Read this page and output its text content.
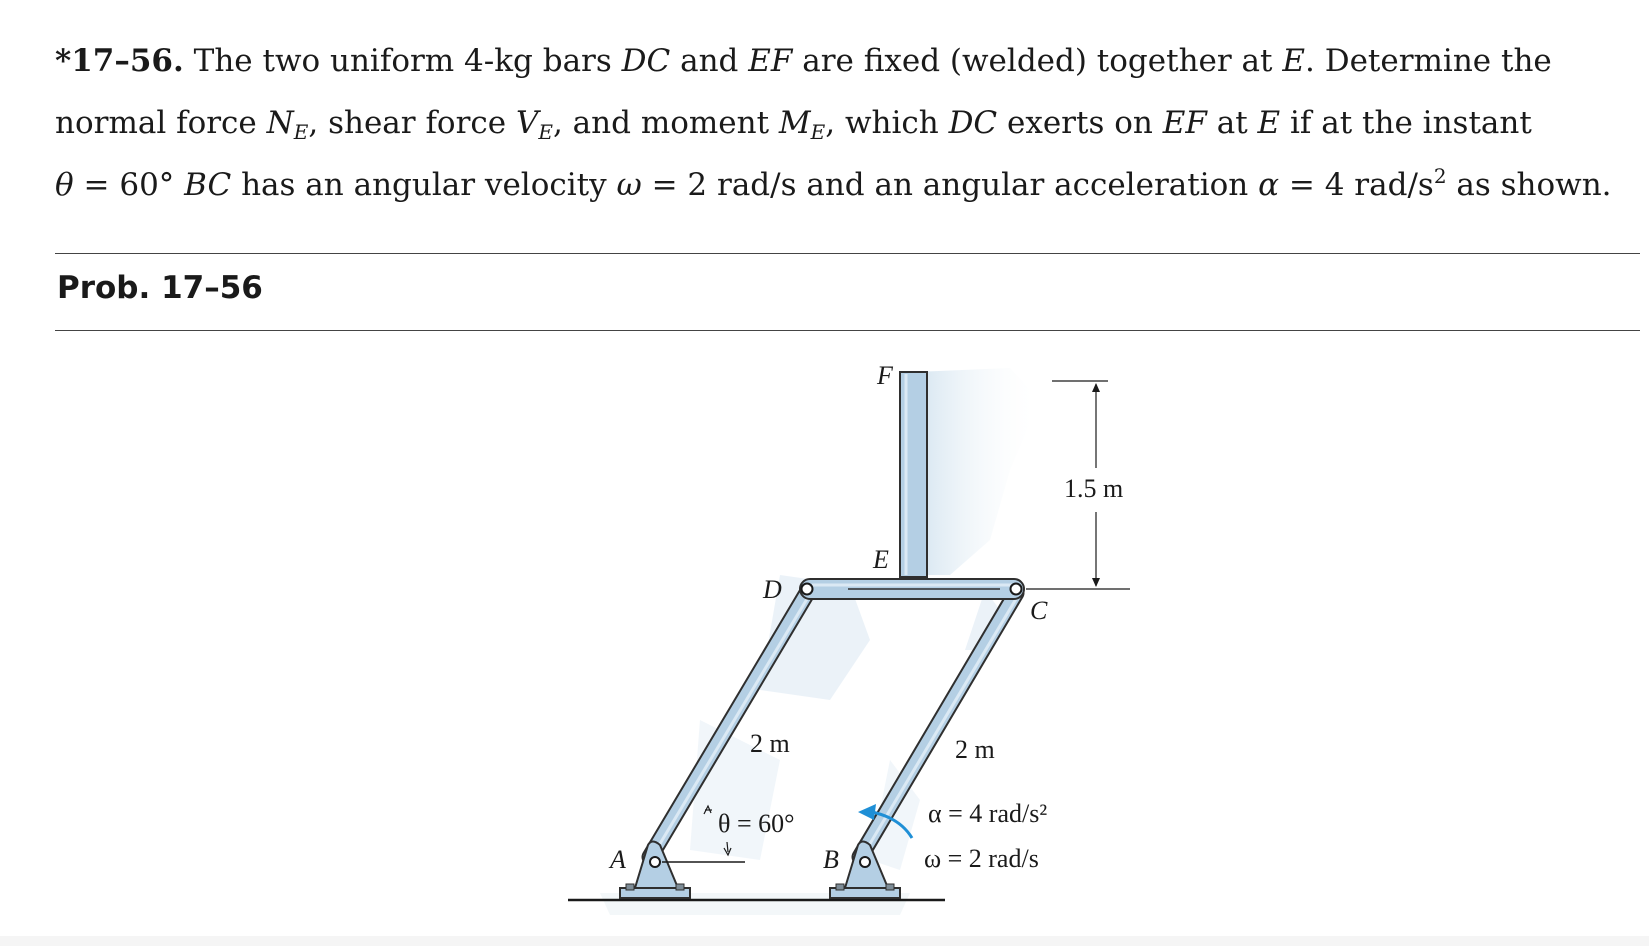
*17–56. The two uniform 4-kg bars DC and EF are fixed (welded) together at E. Determine the
normal force $N_E$, shear force $V_E$, and moment $M_E$, which DC exerts on EF at E if at the instant
θ = 60° BC has an angular velocity ω = 2 rad/s and an angular acceleration α = 4 rad/$s^2$ as shown.
Prob. 17–56
F
E
D
C
A	B
1.5 m
2 m	2 m
θ = 60°	α = 4 rad/s²
ω = 2 rad/s
